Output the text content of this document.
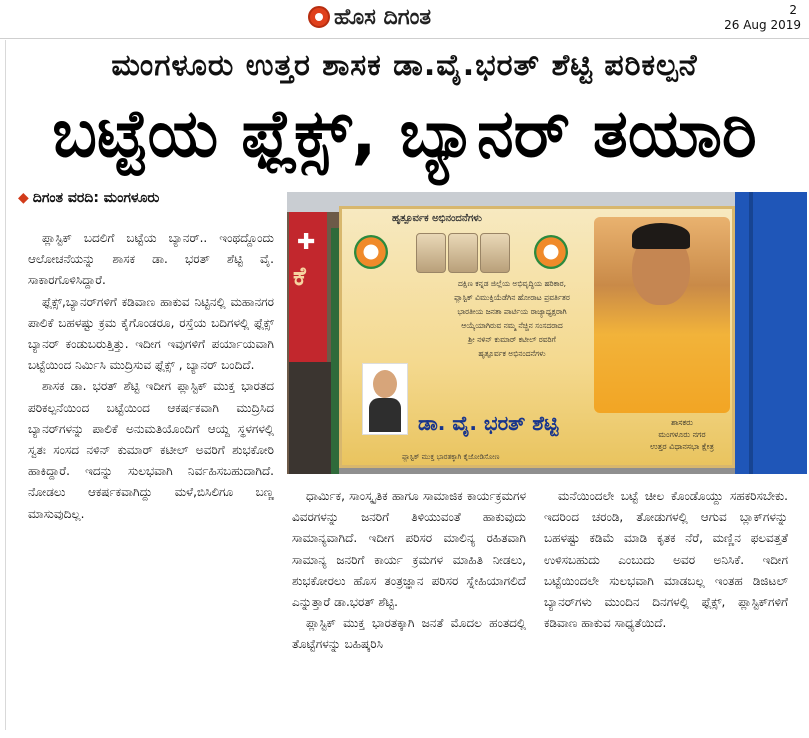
ಹೊಸ ದಿಗಂತ	2
26 Aug 2019
ಮಂಗಳೂರು ಉತ್ತರ ಶಾಸಕ ಡಾ.ವೈ.ಭರತ್ ಶೆಟ್ಟಿ ಪರಿಕಲ್ಪನೆ
ಬಟ್ಟೆಯ ಫ್ಲೆಕ್ಸ್, ಬ್ಯಾನರ್ ತಯಾರಿ
◆ ದಿಗಂತ ವರದಿ: ಮಂಗಳೂರು

ಪ್ಲಾಸ್ಟಿಕ್ ಬದಲಿಗೆ ಬಟ್ಟೆಯ ಬ್ಯಾನರ್.. ಇಂಥದ್ದೊಂದು ಆಲೋಚನೆಯನ್ನು ಶಾಸಕ ಡಾ. ಭರತ್ ಶೆಟ್ಟಿ ವೈ. ಸಾಕಾರಗೊಳಿಸಿದ್ದಾರೆ.

ಫ್ಲೆಕ್ಸ್,ಬ್ಯಾನರ್‌ಗಳಿಗೆ ಕಡಿವಾಣ ಹಾಕುವ ನಿಟ್ಟಿನಲ್ಲಿ ಮಹಾನಗರ ಪಾಲಿಕೆ ಬಹಳಷ್ಟು ಕ್ರಮ ಕೈಗೊಂಡರೂ, ರಸ್ತೆಯ ಬದಿಗಳಲ್ಲಿ ಫ್ಲೆಕ್ಸ್ ಬ್ಯಾನರ್ ಕಂಡುಬರುತ್ತಿತ್ತು. ಇದೀಗ ಇವುಗಳಿಗೆ ಪರ್ಯಾಯವಾಗಿ ಬಟ್ಟೆಯಿಂದ ನಿರ್ಮಿಸಿ ಮುದ್ರಿಸುವ ಫ್ಲೆಕ್ಸ್ , ಬ್ಯಾನರ್ ಬಂದಿದೆ.

ಶಾಸಕ ಡಾ. ಭರತ್ ಶೆಟ್ಟಿ ಇದೀಗ ಪ್ಲಾಸ್ಟಿಕ್ ಮುಕ್ತ ಭಾರತದ ಪರಿಕಲ್ಪನೆಯಿಂದ ಬಟ್ಟೆಯಿಂದ ಆಕರ್ಷಕವಾಗಿ ಮುದ್ರಿಸಿದ ಬ್ಯಾನರ್‌ಗಳನ್ನು ಪಾಲಿಕೆ ಅನುಮತಿಯೊಂದಿಗೆ ಆಯ್ದ ಸ್ಥಳಗಳಲ್ಲಿ ಸ್ವತಃ ಸಂಸದ ನಳಿನ್ ಕುಮಾರ್ ಕಟೀಲ್ ಅವರಿಗೆ ಶುಭಕೋರಿ ಹಾಕಿದ್ದಾರೆ. ಇದನ್ನು ಸುಲಭವಾಗಿ ನಿರ್ವಹಿಸಬಹುದಾಗಿದೆ. ನೋಡಲು ಆಕರ್ಷಕವಾಗಿದ್ದು ಮಳೆ,ಬಿಸಿಲಿಗೂ ಬಣ್ಣ ಮಾಸುವುದಿಲ್ಲ.

✚
ಕೆ
ಹೃತ್ಪೂರ್ವಕ ಅಭಿನಂದನೆಗಳು
ದಕ್ಷಿಣ ಕನ್ನಡ ಜಿಲ್ಲೆಯ ಅಭಿವೃದ್ಧಿಯ ಹರಿಕಾರ,
ಪ್ಲಾಸ್ಟಿಕ್ ವಿಮುಕ್ತಿಯೆಡೆಗಿನ ಹೋರಾಟ ಪ್ರವರ್ತಿತರ
ಭಾರತೀಯ ಜನತಾ ಪಾರ್ಟಿಯ ರಾಜ್ಯಾಧ್ಯಕ್ಷರಾಗಿ
ಆಯ್ಕೆಯಾಗಿರುವ ನಮ್ಮ ನೆಚ್ಚಿನ ಸಂಸದರಾದ
ಶ್ರೀ ನಳಿನ್ ಕುಮಾರ್ ಕಟೀಲ್ ರವರಿಗೆ
ಹೃತ್ಪೂರ್ವಕ ಅಭಿನಂದನೆಗಳು
ಡಾ. ವೈ. ಭರತ್ ಶೆಟ್ಟಿ	ಶಾಸಕರು
ಮಂಗಳೂರು ನಗರ
ಉತ್ತರ ವಿಧಾನಸಭಾ ಕ್ಷೇತ್ರ
ಪ್ಲಾಸ್ಟಿಕ್ ಮುಕ್ತ ಭಾರತಕ್ಕಾಗಿ ಕೈಜೋಡಿಸೋಣ

ಧಾರ್ಮಿಕ, ಸಾಂಸ್ಕೃತಿಕ ಹಾಗೂ ಸಾಮಾಜಿಕ ಕಾರ್ಯಕ್ರಮಗಳ ವಿವರಗಳನ್ನು ಜನರಿಗೆ ತಿಳಿಯುವಂತೆ ಹಾಕುವುದು ಸಾಮಾನ್ಯವಾಗಿದೆ. ಇದೀಗ ಪರಿಸರ ಮಾಲಿನ್ಯ ರಹಿತವಾಗಿ ಸಾಮಾನ್ಯ ಜನರಿಗೆ ಕಾರ್ಯ ಕ್ರಮಗಳ ಮಾಹಿತಿ ನೀಡಲು, ಶುಭಕೋರಲು ಹೊಸ ತಂತ್ರಜ್ಞಾನ ಪರಿಸರ ಸ್ನೇಹಿಯಾಗಲಿದೆ ಎನ್ನುತ್ತಾರೆ ಡಾ.ಭರತ್ ಶೆಟ್ಟಿ.

ಪ್ಲಾಸ್ಟಿಕ್ ಮುಕ್ತ ಭಾರತಕ್ಕಾಗಿ ಜನತೆ ಮೊದಲ ಹಂತದಲ್ಲಿ ತೊಟ್ಟೆಗಳನ್ನು ಬಹಿಷ್ಕರಿಸಿ

ಮನೆಯಿಂದಲೇ ಬಟ್ಟೆ ಚೀಲ ಕೊಂಡೊಯ್ದು ಸಹಕರಿಸಬೇಕು. ಇದರಿಂದ ಚರಂಡಿ, ತೋಡುಗಳಲ್ಲಿ ಆಗುವ ಬ್ಲಾಕ್‌ಗಳನ್ನು ಬಹಳಷ್ಟು ಕಡಿಮೆ ಮಾಡಿ ಕೃತಕ ನೆರೆ, ಮಣ್ಣಿನ ಫಲವತ್ತತೆ ಉಳಿಸಬಹುದು ಎಂಬುದು ಅವರ ಅನಿಸಿಕೆ. ಇದೀಗ ಬಟ್ಟೆಯಿಂದಲೇ ಸುಲಭವಾಗಿ ಮಾಡಬಲ್ಲ ಇಂತಹ ಡಿಜಿಟಲ್ ಬ್ಯಾನರ್‌ಗಳು ಮುಂದಿನ ದಿನಗಳಲ್ಲಿ ಫ್ಲೆಕ್ಸ್, ಪ್ಲಾಸ್ಟಿಕ್‌ಗಳಿಗೆ ಕಡಿವಾಣ ಹಾಕುವ ಸಾಧ್ಯತೆಯಿದೆ.
